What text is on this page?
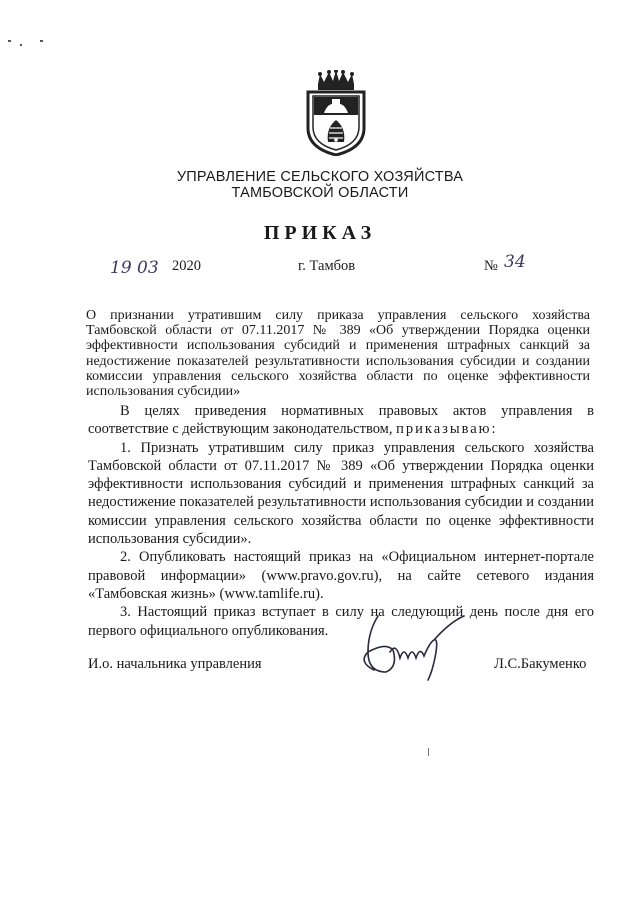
УПРАВЛЕНИЕ СЕЛЬСКОГО ХОЗЯЙСТВА
ТАМБОВСКОЙ ОБЛАСТИ
ПРИКАЗ
19 03 2020	г. Тамбов	№ 34

О признании утратившим силу приказа управления сельского хозяйства Тамбовской области от 07.11.2017 № 389 «Об утверждении Порядка оценки эффективности использования субсидий и применения штрафных санкций за недостижение показателей результативности использования субсидии и создании комиссии управления сельского хозяйства области по оценке эффективности использования субсидии»

В целях приведения нормативных правовых актов управления в соответствие с действующим законодательством, приказываю:

1. Признать утратившим силу приказ управления сельского хозяйства Тамбовской области от 07.11.2017 № 389 «Об утверждении Порядка оценки эффективности использования субсидий и применения штрафных санкций за недостижение показателей результативности использования субсидии и создании комиссии управления сельского хозяйства области по оценке эффективности использования субсидии».

2. Опубликовать настоящий приказ на «Официальном интернет-портале правовой информации» (www.pravo.gov.ru), на сайте сетевого издания «Тамбовская жизнь» (www.tamlife.ru).

3. Настоящий приказ вступает в силу на следующий день после дня его первого официального опубликования.

И.о. начальника управления	Л.С.Бакуменко
